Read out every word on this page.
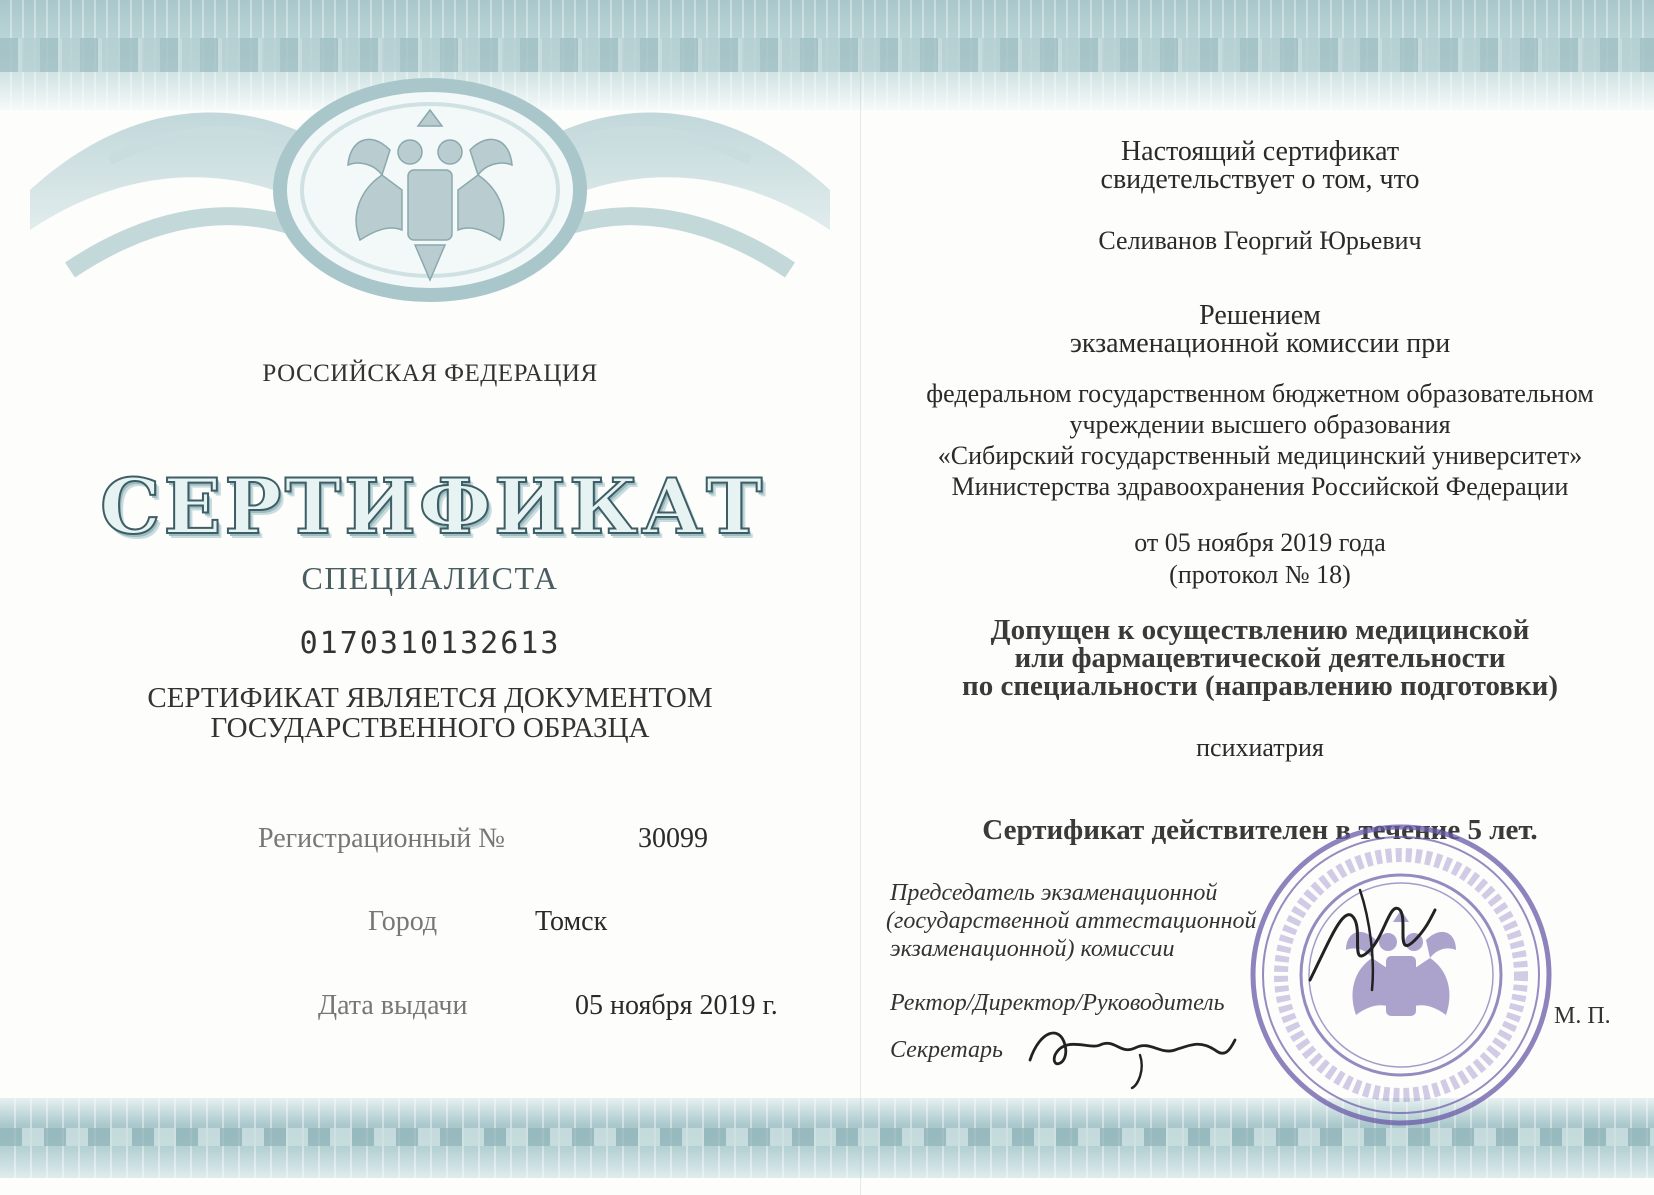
РОССИЙСКАЯ ФЕДЕРАЦИЯ
СЕРТИФИКАТ
СПЕЦИАЛИСТА
0170310132613
СЕРТИФИКАТ ЯВЛЯЕТСЯ ДОКУМЕНТОМ
ГОСУДАРСТВЕННОГО ОБРАЗЦА
Регистрационный №	30099
Город	Томск
Дата выдачи	05 ноября 2019 г.
Настоящий сертификат
свидетельствует о том, что
Селиванов Георгий Юрьевич
Решением
экзаменационной комиссии при
федеральном государственном бюджетном образовательном
учреждении высшего образования
«Сибирский государственный медицинский университет»
Министерства здравоохранения Российской Федерации
от 05 ноября 2019 года
(протокол № 18)
Допущен к осуществлению медицинской
или фармацевтической деятельности
по специальности (направлению подготовки)
психиатрия
Сертификат действителен в течение 5 лет.
Председатель экзаменационной
(государственной аттестационной
экзаменационной) комиссии
Ректор/Директор/Руководитель
Секретарь
М. П.
